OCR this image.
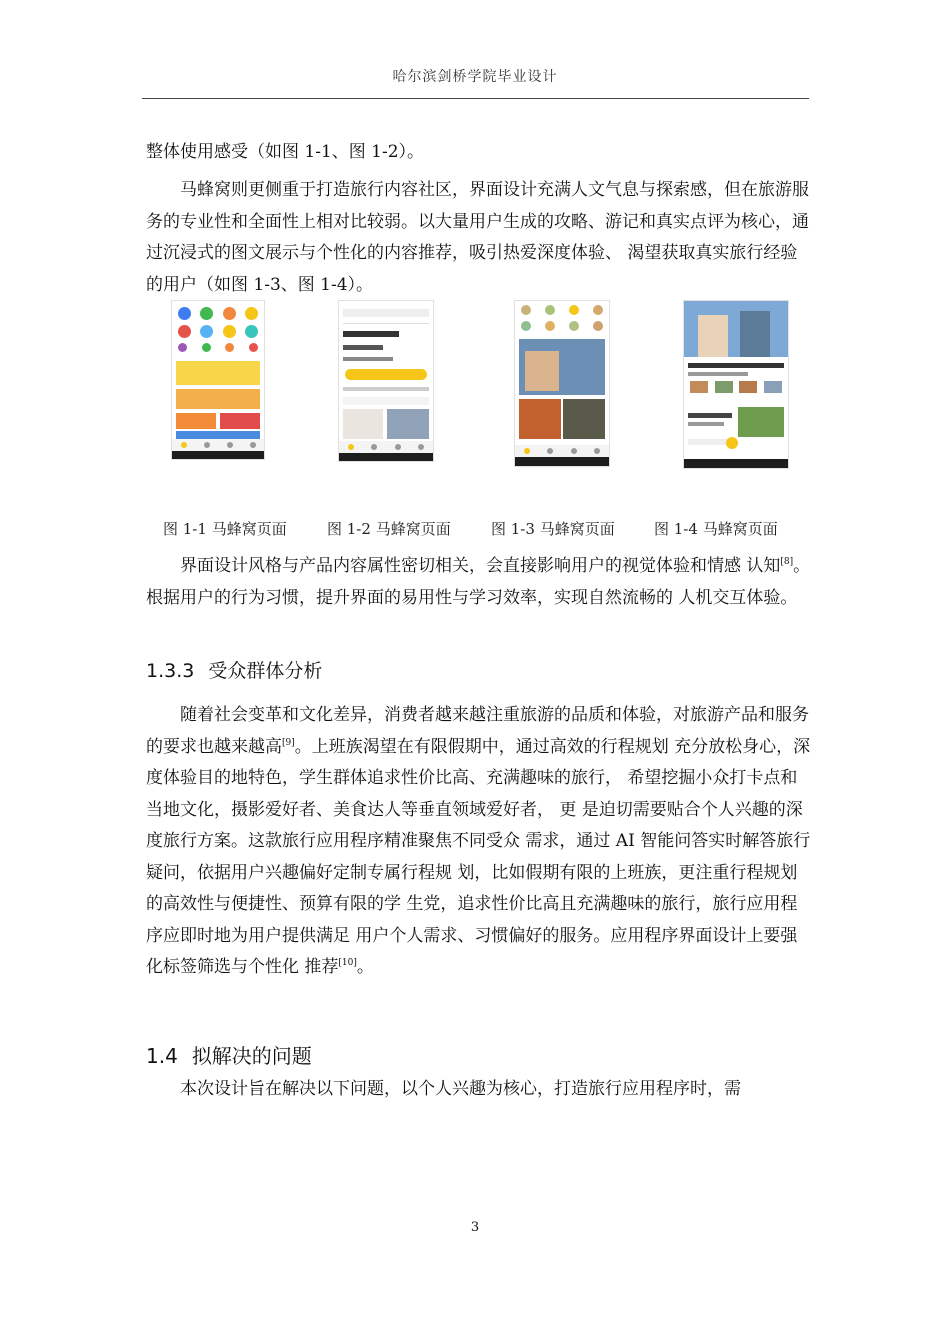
哈尔滨剑桥学院毕业设计

整体使用感受（如图 1-1、图 1-2）。

马蜂窝则更侧重于打造旅行内容社区，界面设计充满人文气息与探索感，但在旅游服务的专业性和全面性上相对比较弱。以大量用户生成的攻略、游记和真实点评为核心，通过沉浸式的图文展示与个性化的内容推荐，吸引热爱深度体验、 渴望获取真实旅行经验的用户（如图 1-3、图 1-4）。

图 1-1 马蜂窝页面	图 1-2 马蜂窝页面	图 1-3 马蜂窝页面	图 1-4 马蜂窝页面

界面设计风格与产品内容属性密切相关，会直接影响用户的视觉体验和情感 认知[8]。根据用户的行为习惯，提升界面的易用性与学习效率，实现自然流畅的 人机交互体验。

1.3.3 受众群体分析

随着社会变革和文化差异，消费者越来越注重旅游的品质和体验，对旅游产品和服务的要求也越来越高[9]。上班族渴望在有限假期中，通过高效的行程规划 充分放松身心，深度体验目的地特色，学生群体追求性价比高、充满趣味的旅行， 希望挖掘小众打卡点和当地文化，摄影爱好者、美食达人等垂直领域爱好者， 更 是迫切需要贴合个人兴趣的深度旅行方案。这款旅行应用程序精准聚焦不同受众 需求，通过 AI 智能问答实时解答旅行疑问，依据用户兴趣偏好定制专属行程规 划，比如假期有限的上班族，更注重行程规划的高效性与便捷性、预算有限的学 生党，追求性价比高且充满趣味的旅行，旅行应用程序应即时地为用户提供满足 用户个人需求、习惯偏好的服务。应用程序界面设计上要强化标签筛选与个性化 推荐[10]。

1.4 拟解决的问题

本次设计旨在解决以下问题，以个人兴趣为核心，打造旅行应用程序时，需

3
